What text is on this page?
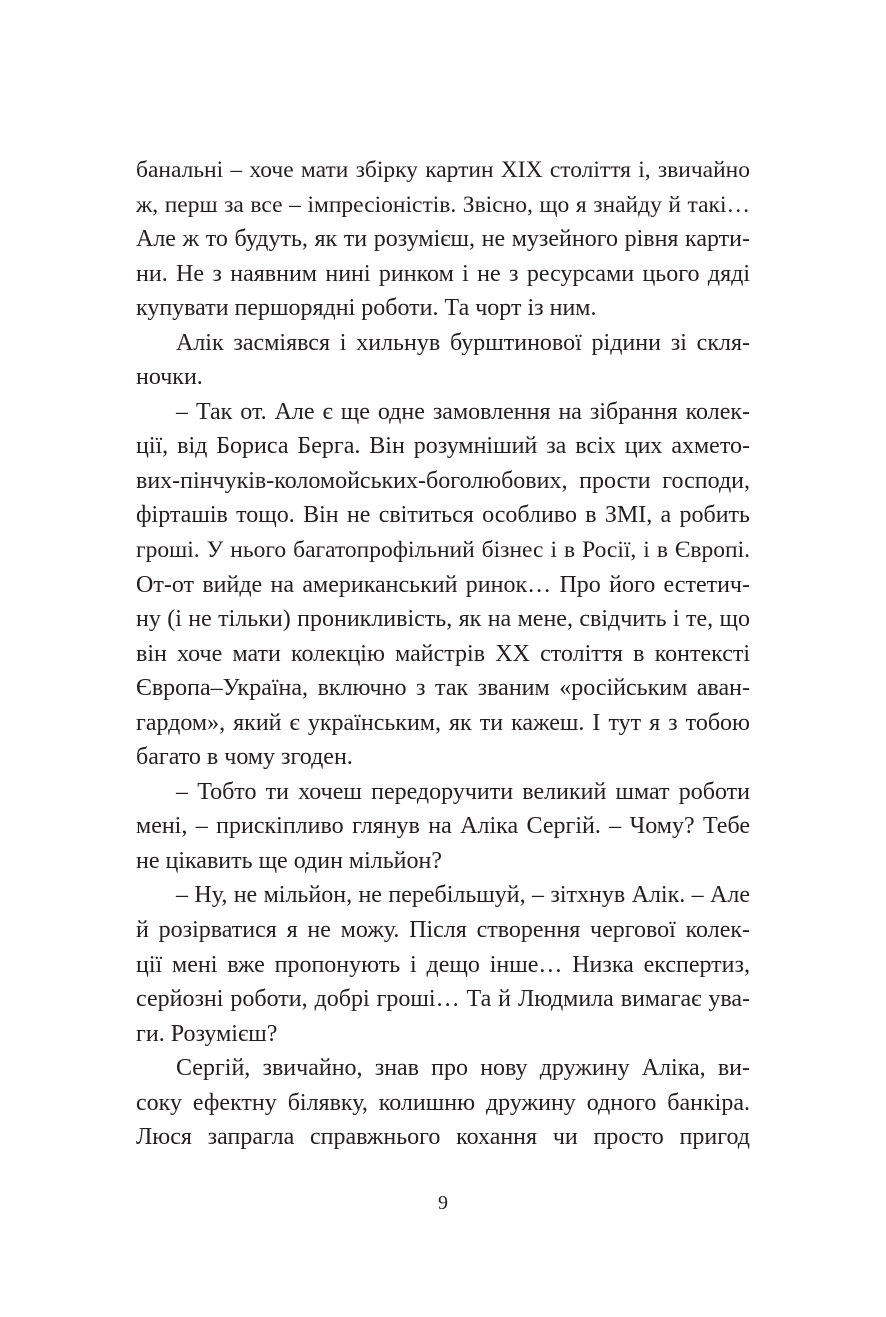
банальні – хоче мати збірку картин XIX століття і, звичайно
ж, перш за все – імпресіоністів. Звісно, що я знайду й такі…
Але ж то будуть, як ти розумієш, не музейного рівня карти-
ни. Не з наявним нині ринком і не з ресурсами цього дяді
купувати першорядні роботи. Та чорт із ним.
Алік засміявся і хильнув бурштинової рідини зі скля-
ночки.
– Так от. Але є ще одне замовлення на зібрання колек-
ції, від Бориса Берга. Він розумніший за всіх цих ахмето-
вих-пінчуків-коломойських-боголюбових, прости господи,
фірташів тощо. Він не світиться особливо в ЗМІ, а робить
гроші. У нього багатопрофільний бізнес і в Росії, і в Європі.
От-от вийде на американський ринок… Про його естетич-
ну (і не тільки) проникливість, як на мене, свідчить і те, що
він хоче мати колекцію майстрів XX століття в контексті
Європа–Україна, включно з так званим «російським аван-
гардом», який є українським, як ти кажеш. І тут я з тобою
багато в чому згоден.
– Тобто ти хочеш передоручити великий шмат роботи
мені, – прискіпливо глянув на Аліка Сергій. – Чому? Тебе
не цікавить ще один мільйон?
– Ну, не мільйон, не перебільшуй, – зітхнув Алік. – Але
й розірватися я не можу. Після створення чергової колек-
ції мені вже пропонують і дещо інше… Низка експертиз,
серйозні роботи, добрі гроші… Та й Людмила вимагає ува-
ги. Розумієш?
Сергій, звичайно, знав про нову дружину Аліка, ви-
соку ефектну білявку, колишню дружину одного банкіра.
Люся запрагла справжнього кохання чи просто пригод
9
